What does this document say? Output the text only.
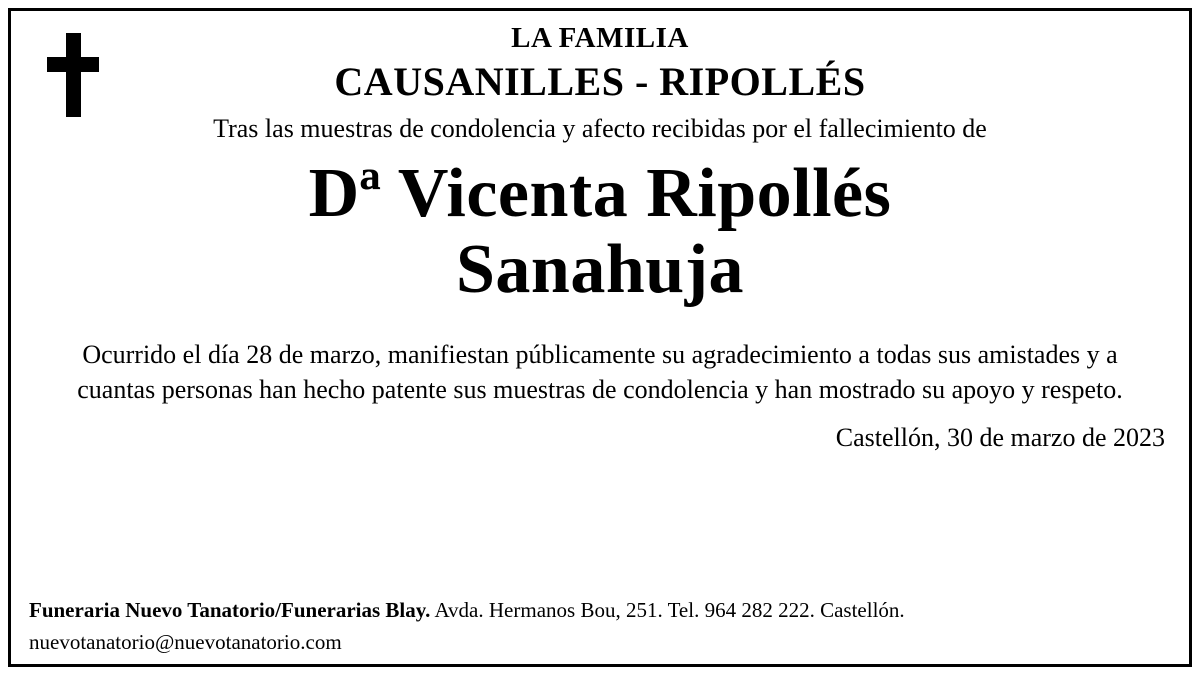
LA FAMILIA
CAUSANILLES - RIPOLLÉS
Tras las muestras de condolencia y afecto recibidas por el fallecimiento de
Dª Vicenta Ripollés
Sanahuja
Ocurrido el día 28 de marzo, manifiestan públicamente su agradecimiento a todas sus amistades y a cuantas personas han hecho patente sus muestras de condolencia y han mostrado su apoyo y respeto.
Castellón, 30 de marzo de 2023
Funeraria Nuevo Tanatorio/Funerarias Blay. Avda. Hermanos Bou, 251. Tel. 964 282 222. Castellón.
nuevotanatorio@nuevotanatorio.com
